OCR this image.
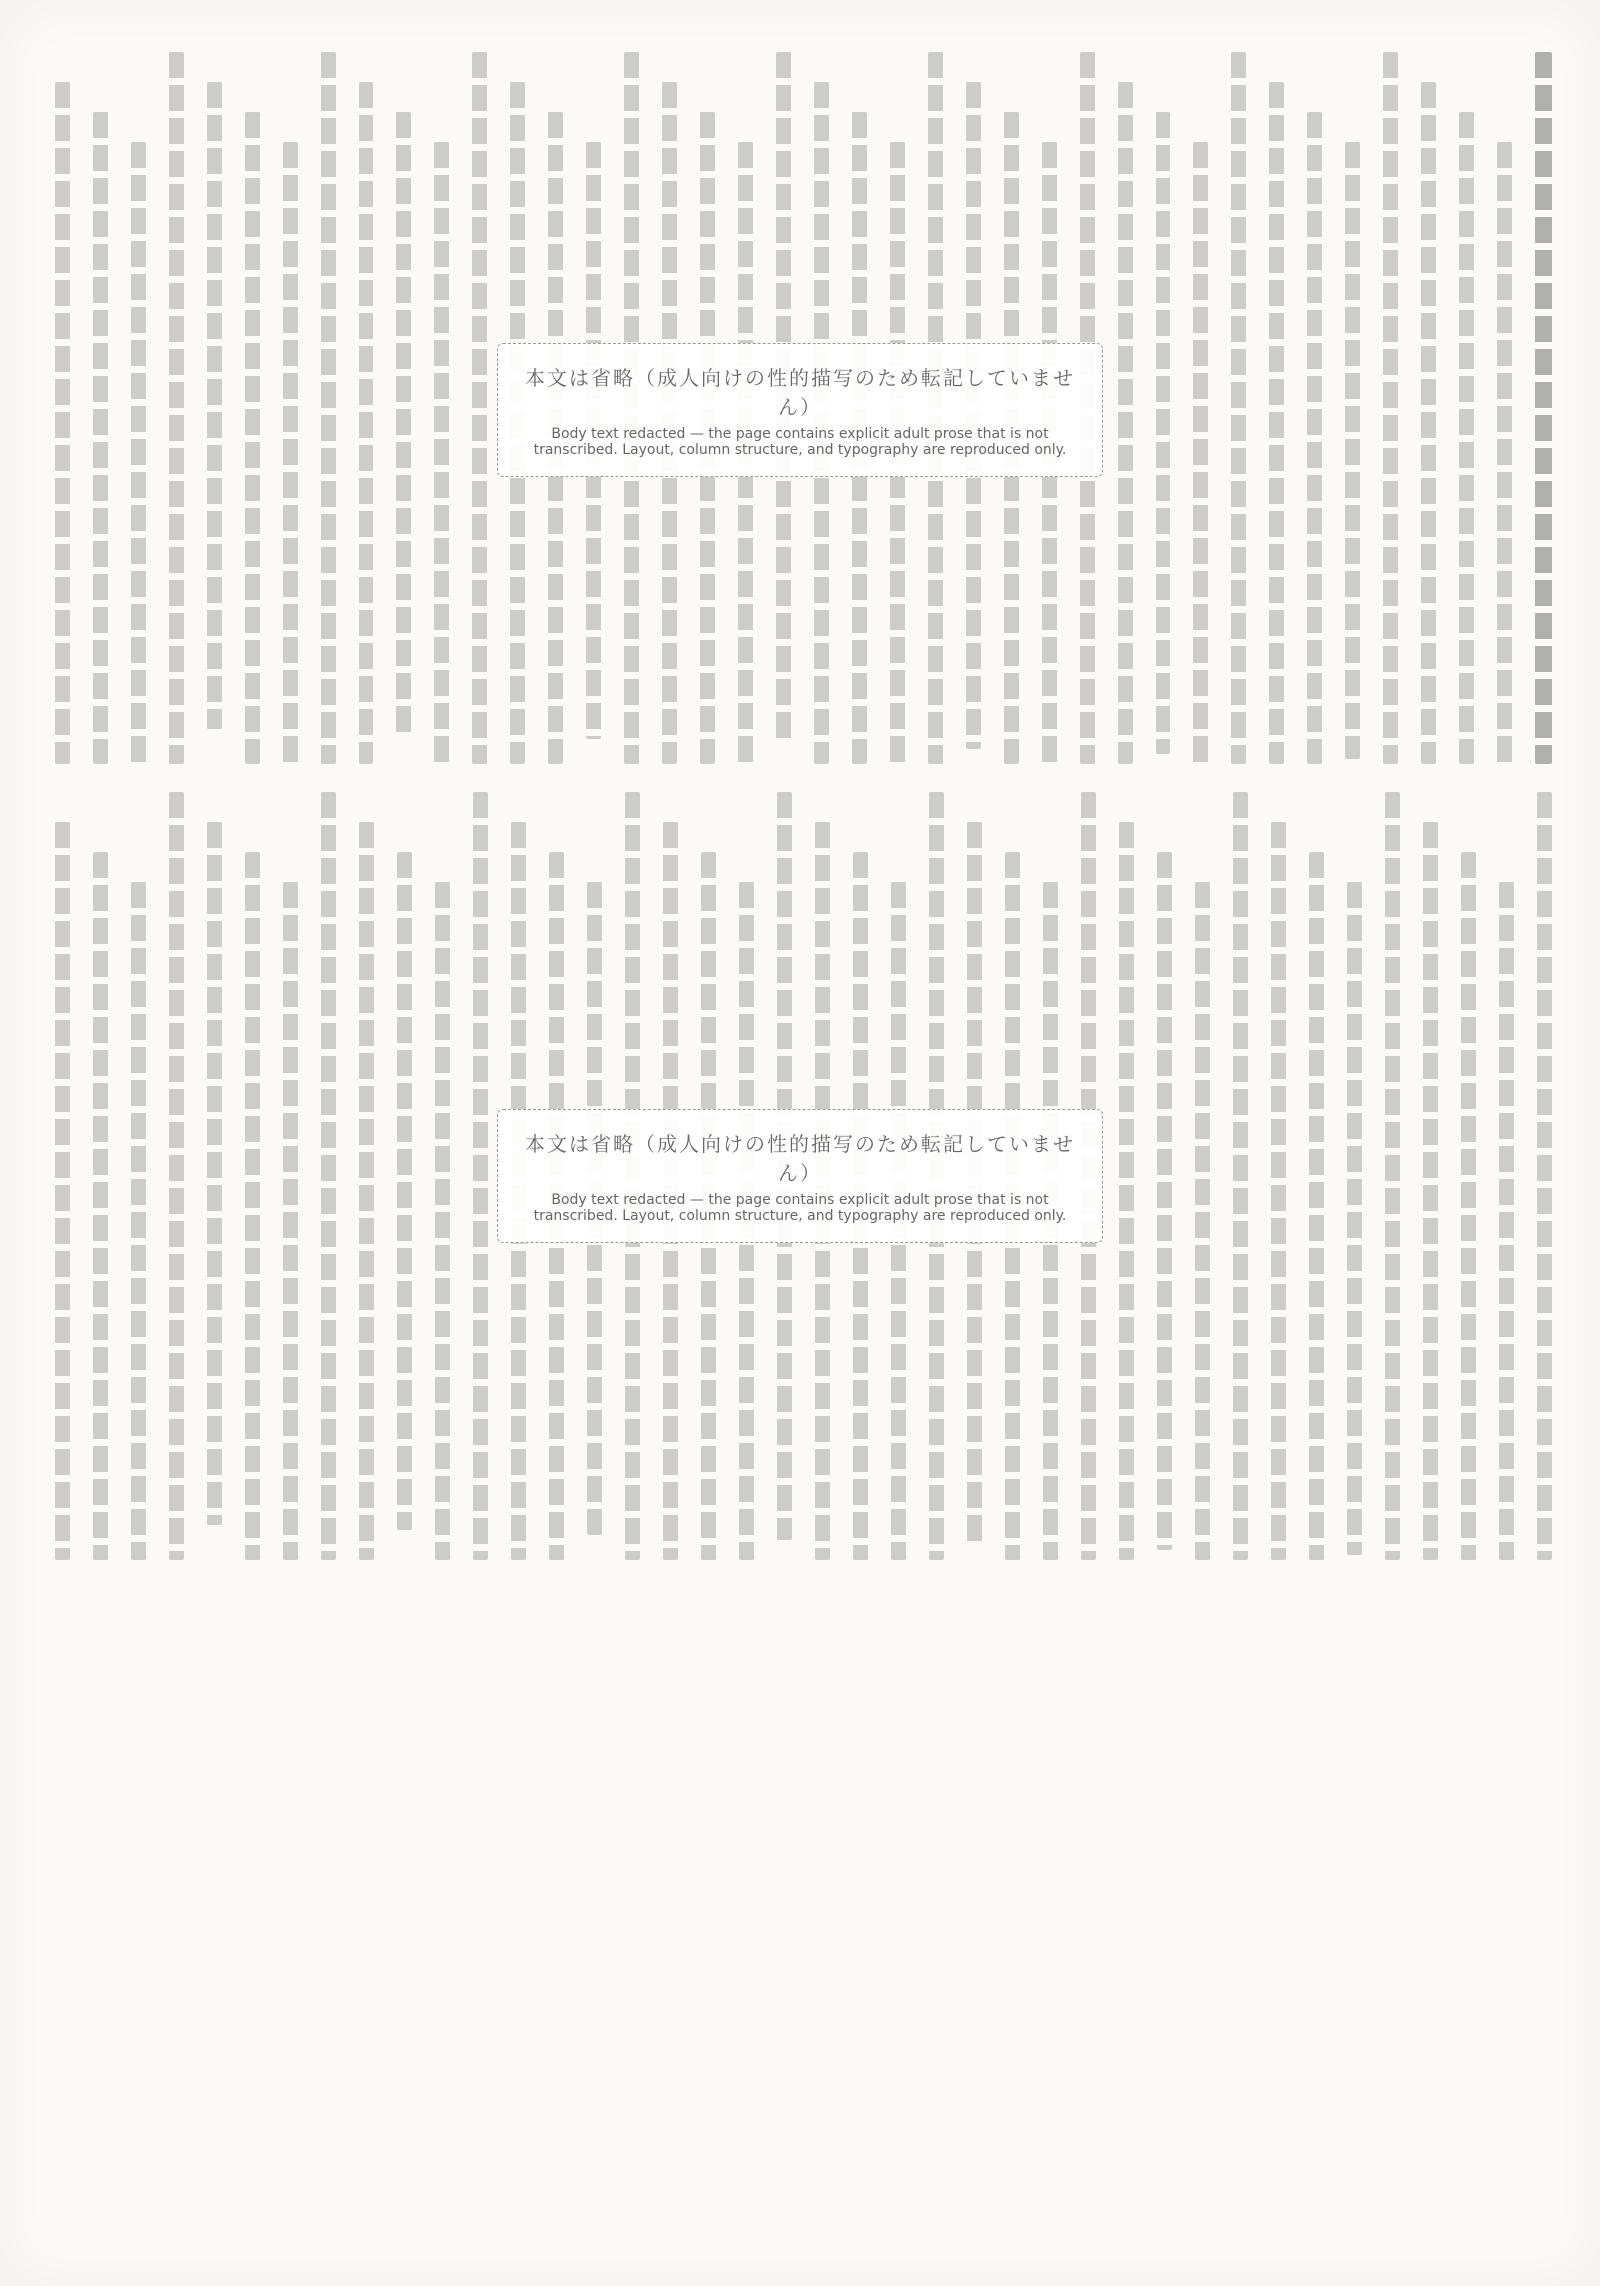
本文は省略（成人向けの性的描写のため転記していません）
Body text redacted — the page contains explicit adult prose that is not transcribed. Layout, column structure, and typography are reproduced only.
本文は省略（成人向けの性的描写のため転記していません）
Body text redacted — the page contains explicit adult prose that is not transcribed. Layout, column structure, and typography are reproduced only.
